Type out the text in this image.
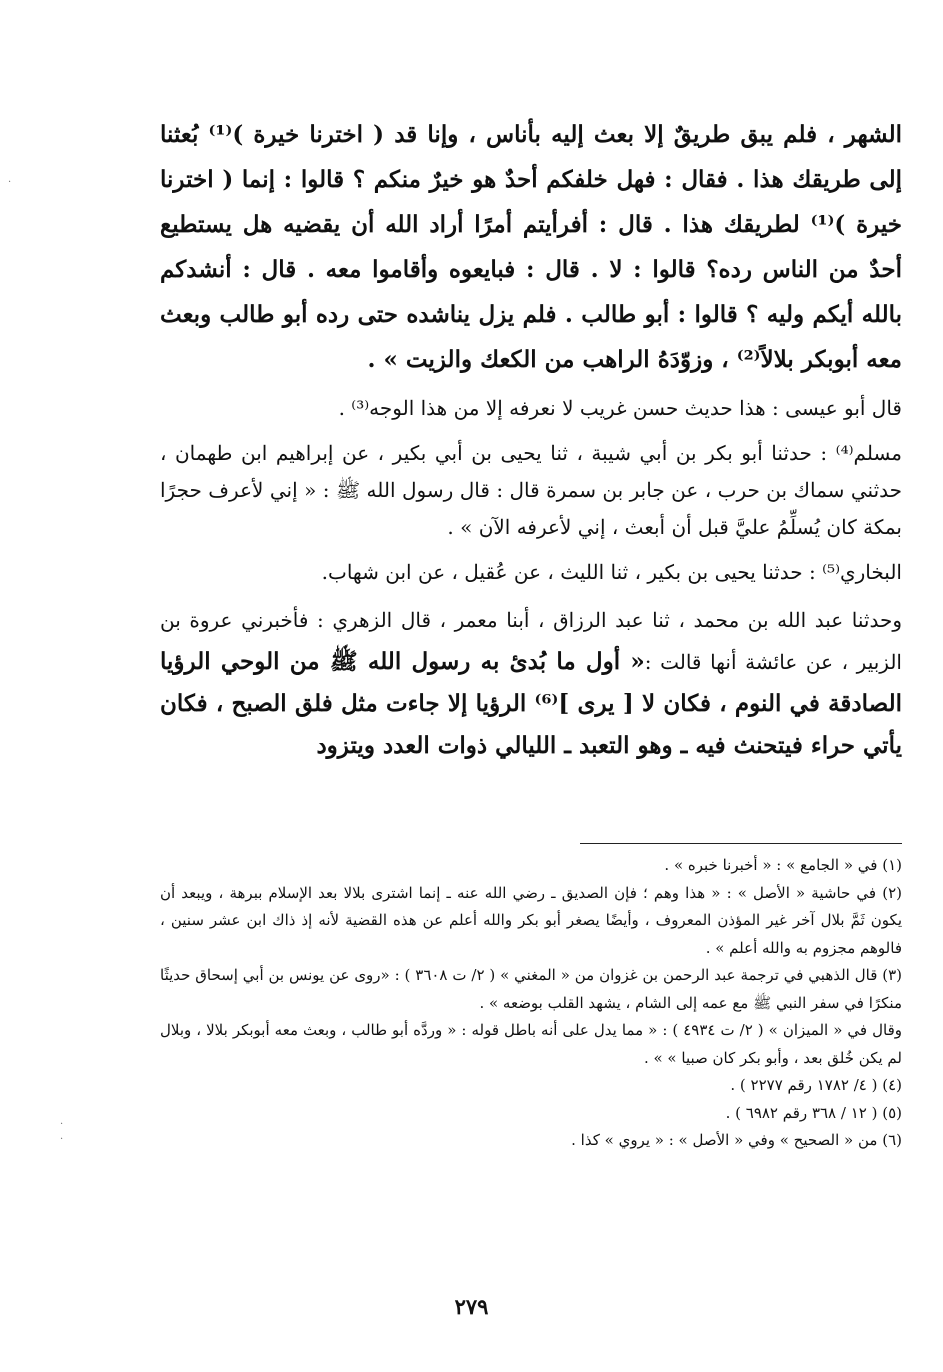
الشهر ، فلم يبق طريقٌ إلا بعث إليه بأناس ، وإنا قد ( اخترنا خيرة )⁽¹⁾ بُعثنا إلى طريقك هذا . فقال : فهل خلفكم أحدٌ هو خيرٌ منكم ؟ قالوا : إنما ( اخترنا خيرة )⁽¹⁾ لطريقك هذا . قال : أفرأيتم أمرًا أراد الله أن يقضيه هل يستطيع أحدٌ من الناس رده؟ قالوا : لا . قال : فبايعوه وأقاموا معه . قال : أنشدكم بالله أيكم وليه ؟ قالوا : أبو طالب . فلم يزل يناشده حتى رده أبو طالب وبعث معه أبوبكر بلالاً⁽²⁾ ، وزوّدَهُ الراهب من الكعك والزيت » .

قال أبو عيسى : هذا حديث حسن غريب لا نعرفه إلا من هذا الوجه⁽³⁾ .

مسلم⁽⁴⁾ : حدثنا أبو بكر بن أبي شيبة ، ثنا يحيى بن أبي بكير ، عن إبراهيم ابن طهمان ، حدثني سماك بن حرب ، عن جابر بن سمرة قال : قال رسول الله ﷺ : « إني لأعرف حجرًا بمكة كان يُسلِّمُ عليَّ قبل أن أبعث ، إني لأعرفه الآن » .

البخاري⁽⁵⁾ : حدثنا يحيى بن بكير ، ثنا الليث ، عن عُقيل ، عن ابن شهاب.

وحدثنا عبد الله بن محمد ، ثنا عبد الرزاق ، أبنا معمر ، قال الزهري : فأخبرني عروة بن الزبير ، عن عائشة أنها قالت :« أول ما بُدئ به رسول الله ﷺ من الوحي الرؤيا الصادقة في النوم ، فكان لا [ يرى ]⁽⁶⁾ الرؤيا إلا جاءت مثل فلق الصبح ، فكان يأتي حراء فيتحنث فيه ـ وهو التعبد ـ الليالي ذوات العدد ويتزود

(١) في « الجامع » : « أخبرنا خبره » .

(٢) في حاشية « الأصل » : « هذا وهم ؛ فإن الصديق ـ رضي الله عنه ـ إنما اشترى بلالا بعد الإسلام ببرهة ، ويبعد أن يكون ثَمَّ بلال آخر غير المؤذن المعروف ، وأيضًا يصغر أبو بكر والله أعلم عن هذه القضية لأنه إذ ذاك ابن عشر سنين ، فالوهم مجزوم به والله أعلم » .

(٣) قال الذهبي في ترجمة عبد الرحمن بن غزوان من « المغني » ( ٢/ ت ٣٦٠٨ ) : «روى عن يونس بن أبي إسحاق حديثًا منكرًا في سفر النبي ﷺ مع عمه إلى الشام ، يشهد القلب بوضعه » .

وقال في « الميزان » ( ٢/ ت ٤٩٣٤ ) : « مما يدل على أنه باطل قوله : « وردَّه أبو طالب ، وبعث معه أبوبكر بلالا ، وبلال لم يكن خُلق بعد ، وأبو بكر كان صبيا » » .

(٤) ( ٤/ ١٧٨٢ رقم ٢٢٧٧ ) .

(٥) ( ١٢ / ٣٦٨ رقم ٦٩٨٢ ) .

(٦) من « الصحيح » وفي « الأصل » : « يروي » كذا .

٢٧٩
·
·
·
